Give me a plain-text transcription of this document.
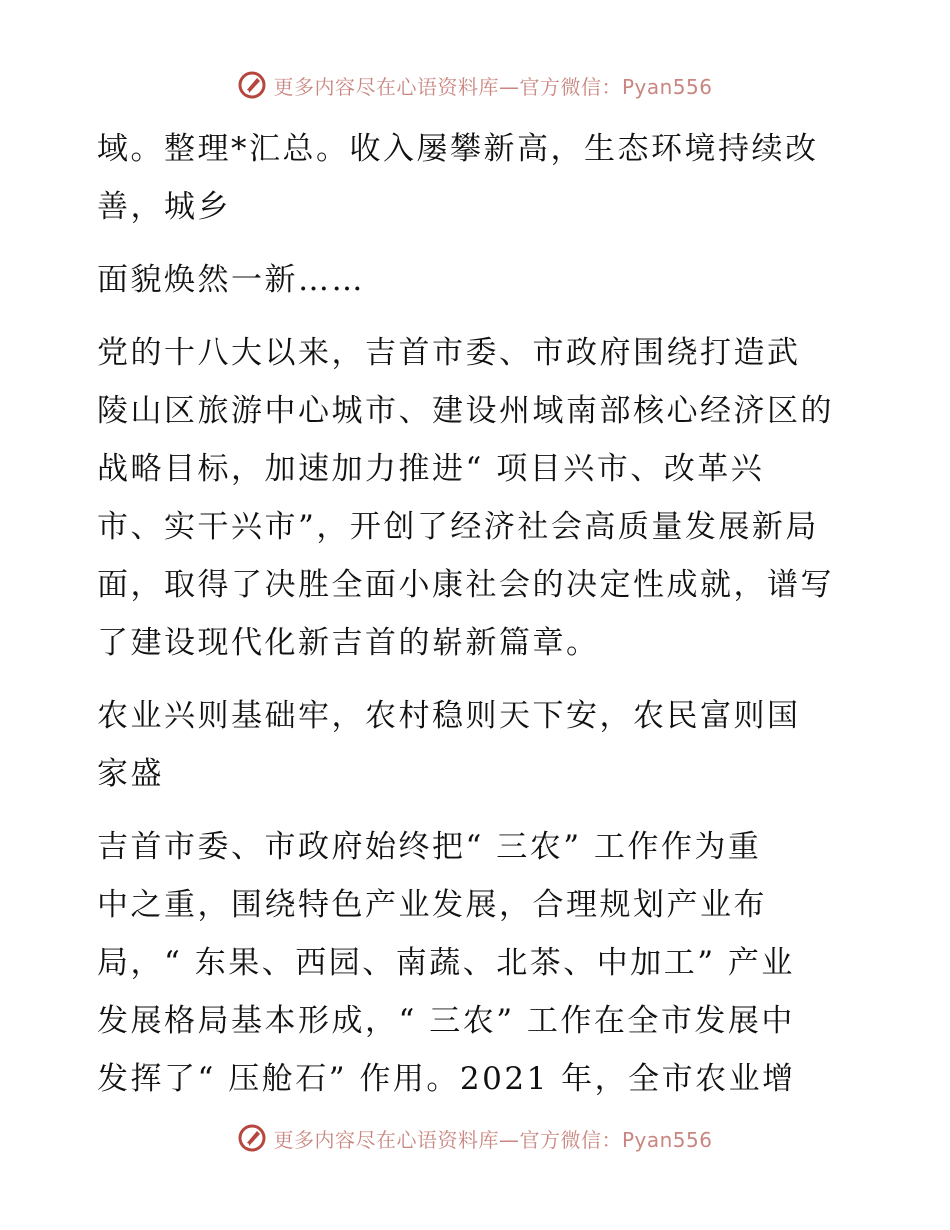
更多内容尽在心语资料库—官方微信：Pyan556

域。整理*汇总。收入屡攀新高，生态环境持续改
善，城乡

面貌焕然一新……

党的十八大以来，吉首市委、市政府围绕打造武
陵山区旅游中心城市、建设州域南部核心经济区的
战略目标，加速加力推进“ 项目兴市、改革兴
市、实干兴市”，开创了经济社会高质量发展新局
面，取得了决胜全面小康社会的决定性成就，谱写
了建设现代化新吉首的崭新篇章。

农业兴则基础牢，农村稳则天下安，农民富则国
家盛

吉首市委、市政府始终把“ 三农” 工作作为重
中之重，围绕特色产业发展，合理规划产业布
局，“ 东果、西园、南蔬、北茶、中加工” 产业
发展格局基本形成，“ 三农” 工作在全市发展中
发挥了“ 压舱石” 作用。2021 年，全市农业增

更多内容尽在心语资料库—官方微信：Pyan556
